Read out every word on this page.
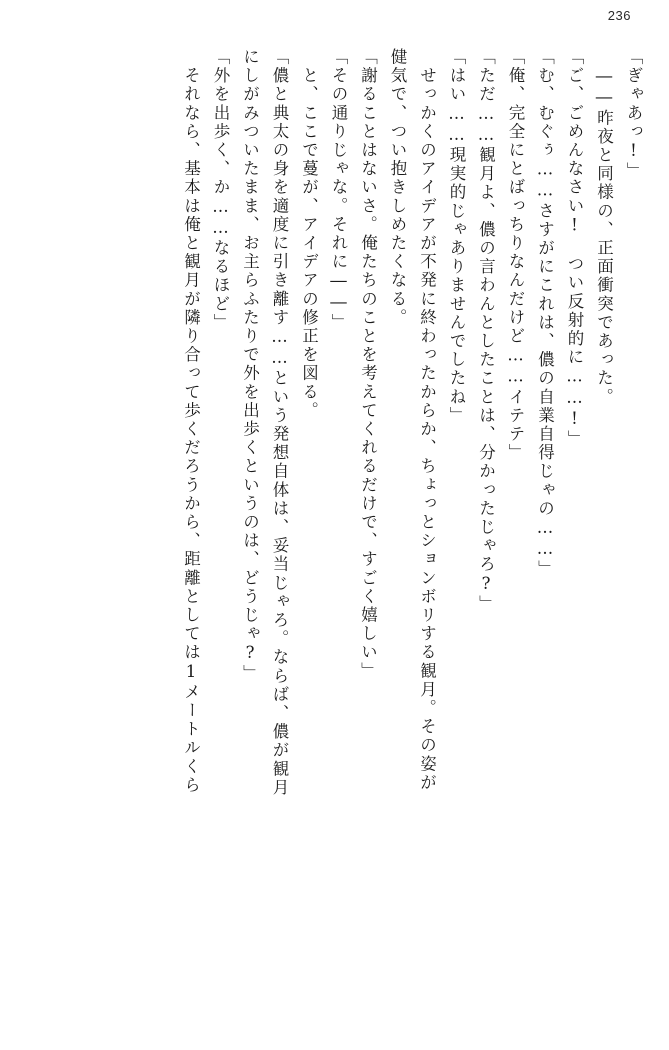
236
「ぎゃあっ!」
　――昨夜と同様の、正面衝突であった。
「ご、ごめんなさい!　つい反射的に……!」
「む、むぐぅ……さすがにこれは、儂の自業自得じゃの……」
「俺、完全にとばっちりなんだけど……イテテ」
「ただ……観月よ、儂の言わんとしたことは、分かったじゃろ?」
「はい……現実的じゃありませんでしたね」
　せっかくのアイデアが不発に終わったからか、ちょっとションボリする観月。その姿が
健気で、つい抱きしめたくなる。
「謝ることはないさ。俺たちのことを考えてくれるだけで、すごく嬉しい」
「その通りじゃな。それに――」
　と、ここで蔓が、アイデアの修正を図る。
「儂と典太の身を適度に引き離す……という発想自体は、妥当じゃろ。ならば、儂が観月
にしがみついたまま、お主らふたりで外を出歩くというのは、どうじゃ?」
「外を出歩く、か……なるほど」
　それなら、基本は俺と観月が隣り合って歩くだろうから、距離としては1メートルくら
